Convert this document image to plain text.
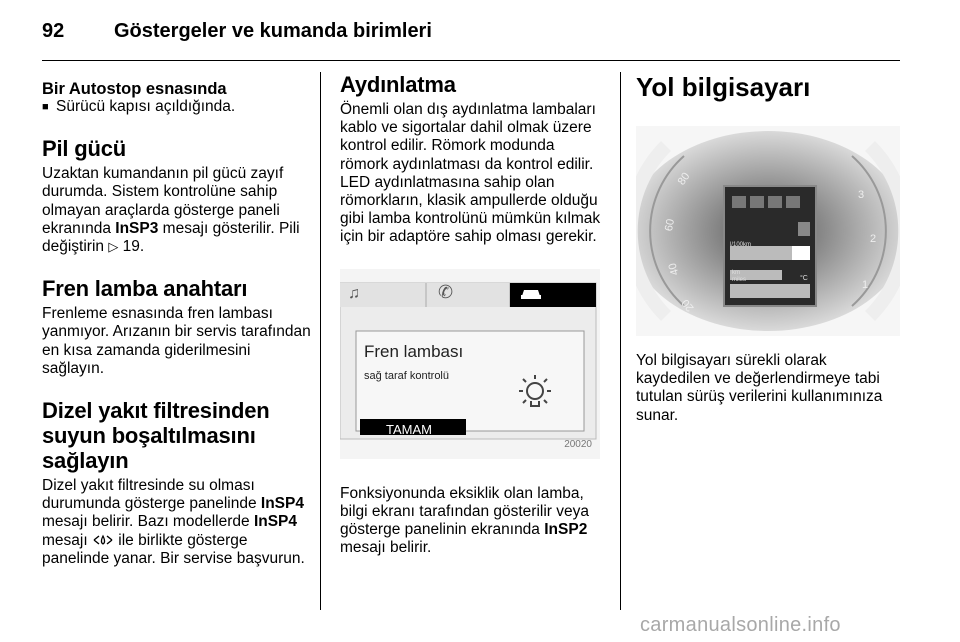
92 Göstergeler ve kumanda birimleri
Bir Autostop esnasında
■ Sürücü kapısı açıldığında.
Pil gücü

Uzaktan kumandanın pil gücü zayıf durumda. Sistem kontrolüne sahip olmayan araçlarda gösterge paneli ekranında InSP3 mesajı gösterilir. Pili değiştirin ▷ 19.

Fren lamba anahtarı

Frenleme esnasında fren lambası yanmıyor. Arızanın bir servis tarafından en kısa zamanda giderilmesini sağlayın.

Dizel yakıt filtresinden
suyun boşaltılmasını
sağlayın

Dizel yakıt filtresinde su olması durumunda gösterge panelinde InSP4 mesajı belirir. Bazı modellerde InSP4 mesajı ile birlikte gösterge panelinde yanar. Bir servise başvurun.

Aydınlatma

Önemli olan dış aydınlatma lambaları kablo ve sigortalar dahil olmak üzere kontrol edilir. Römork modunda römork aydınlatması da kontrol edilir. LED aydınlatmasına sahip olan römorkların, klasik ampullerde olduğu gibi lamba kontrolünü mümkün kılmak için bir adaptöre sahip olması gerekir.

♫	✆
Fren lambası
sağ taraf kontrolü
TAMAM
20020

Fonksiyonunda eksiklik olan lamba, bilgi ekranı tarafından gösterilir veya gösterge panelinin ekranında InSP2 mesajı belirir.

Yol bilgisayarı
l/100km
km
miles	°C
80
60
40
20
3
2
1

Yol bilgisayarı sürekli olarak kaydedilen ve değerlendirmeye tabi tutulan sürüş verilerini kullanımınıza sunar.

carmanualsonline.info
